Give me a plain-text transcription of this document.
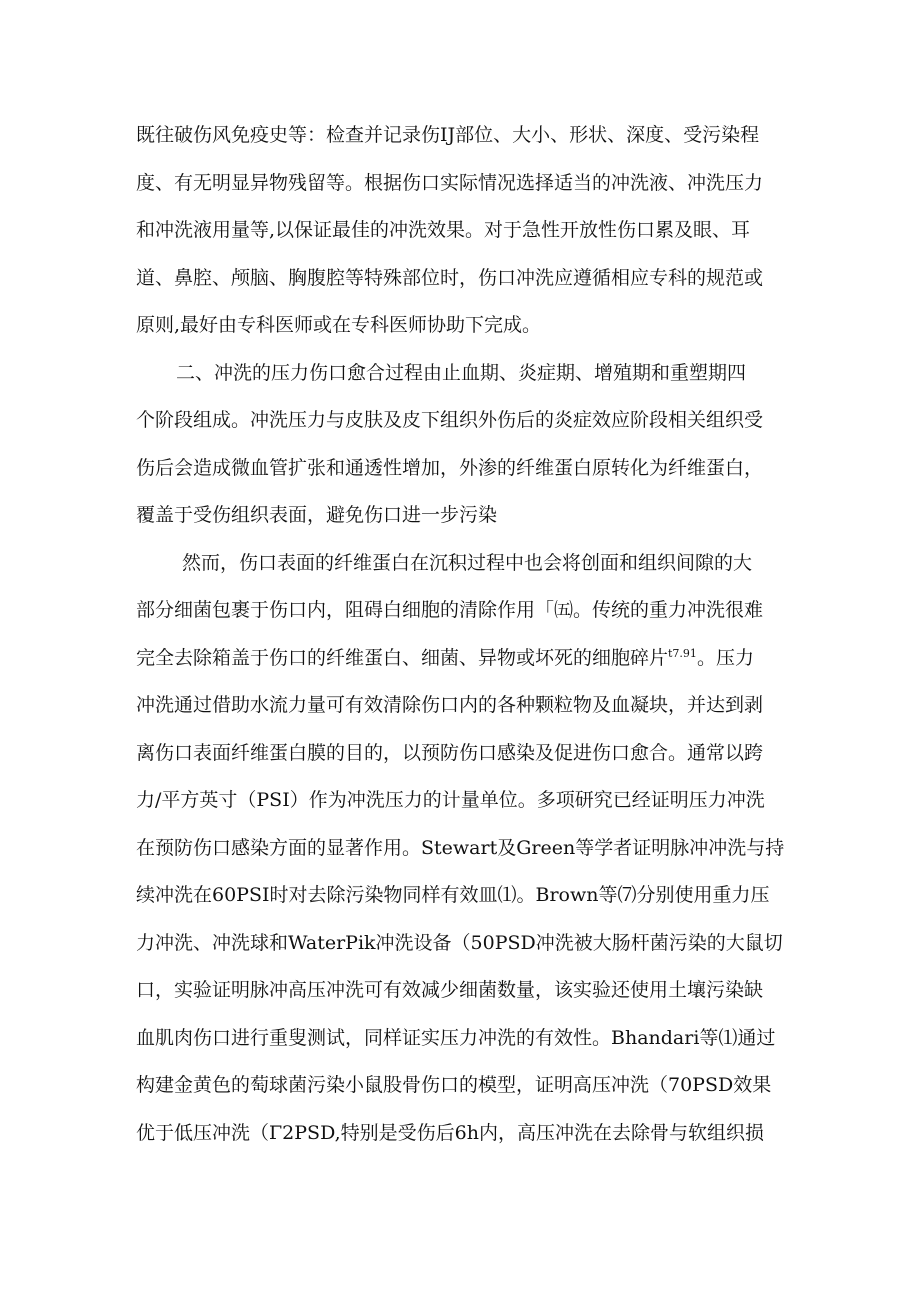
既往破伤风免疫史等：检查并记录伤IJ部位、大小、形状、深度、受污染程
度、有无明显异物残留等。根据伤口实际情况选择适当的冲洗液、冲洗压力
和冲洗液用量等,以保证最佳的冲洗效果。对于急性开放性伤口累及眼、耳
道、鼻腔、颅脑、胸腹腔等特殊部位时，伤口冲洗应遵循相应专科的规范或
原则,最好由专科医师或在专科医师协助下完成。
二、冲洗的压力伤口愈合过程由止血期、炎症期、增殖期和重塑期四
个阶段组成。冲洗压力与皮肤及皮下组织外伤后的炎症效应阶段相关组织受
伤后会造成微血管扩张和通透性增加，外渗的纤维蛋白原转化为纤维蛋白，
覆盖于受伤组织表面，避免伤口进一步污染
然而，伤口表面的纤维蛋白在沉积过程中也会将创面和组织间隙的大
部分细菌包裹于伤口内，阻碍白细胞的清除作用「㈤。传统的重力冲洗很难
完全去除箱盖于伤口的纤维蛋白、细菌、异物或坏死的细胞碎片$^{t7.91}$。压力
冲洗通过借助水流力量可有效清除伤口内的各种颗粒物及血凝块，并达到剥
离伤口表面纤维蛋白膜的目的，以预防伤口感染及促进伤口愈合。通常以跨
力/平方英寸（PSI）作为冲洗压力的计量单位。多项研究已经证明压力冲洗
在预防伤口感染方面的显著作用。Stewart及Green等学者证明脉冲冲洗与持
续冲洗在60PSI时对去除污染物同样有效皿⑴。Brown等⑺分别使用重力压
力冲洗、冲洗球和WaterPik冲洗设备（50PSD冲洗被大肠杆菌污染的大鼠切
口，实验证明脉冲高压冲洗可有效减少细菌数量，该实验还使用土壤污染缺
血肌肉伤口进行重叟测试，同样证实压力冲洗的有效性。Bhandari等⑴通过
构建金黄色的萄球菌污染小鼠股骨伤口的模型，证明高压冲洗（70PSD效果
优于低压冲洗（Γ2PSD,特别是受伤后6h内，高压冲洗在去除骨与软组织损
